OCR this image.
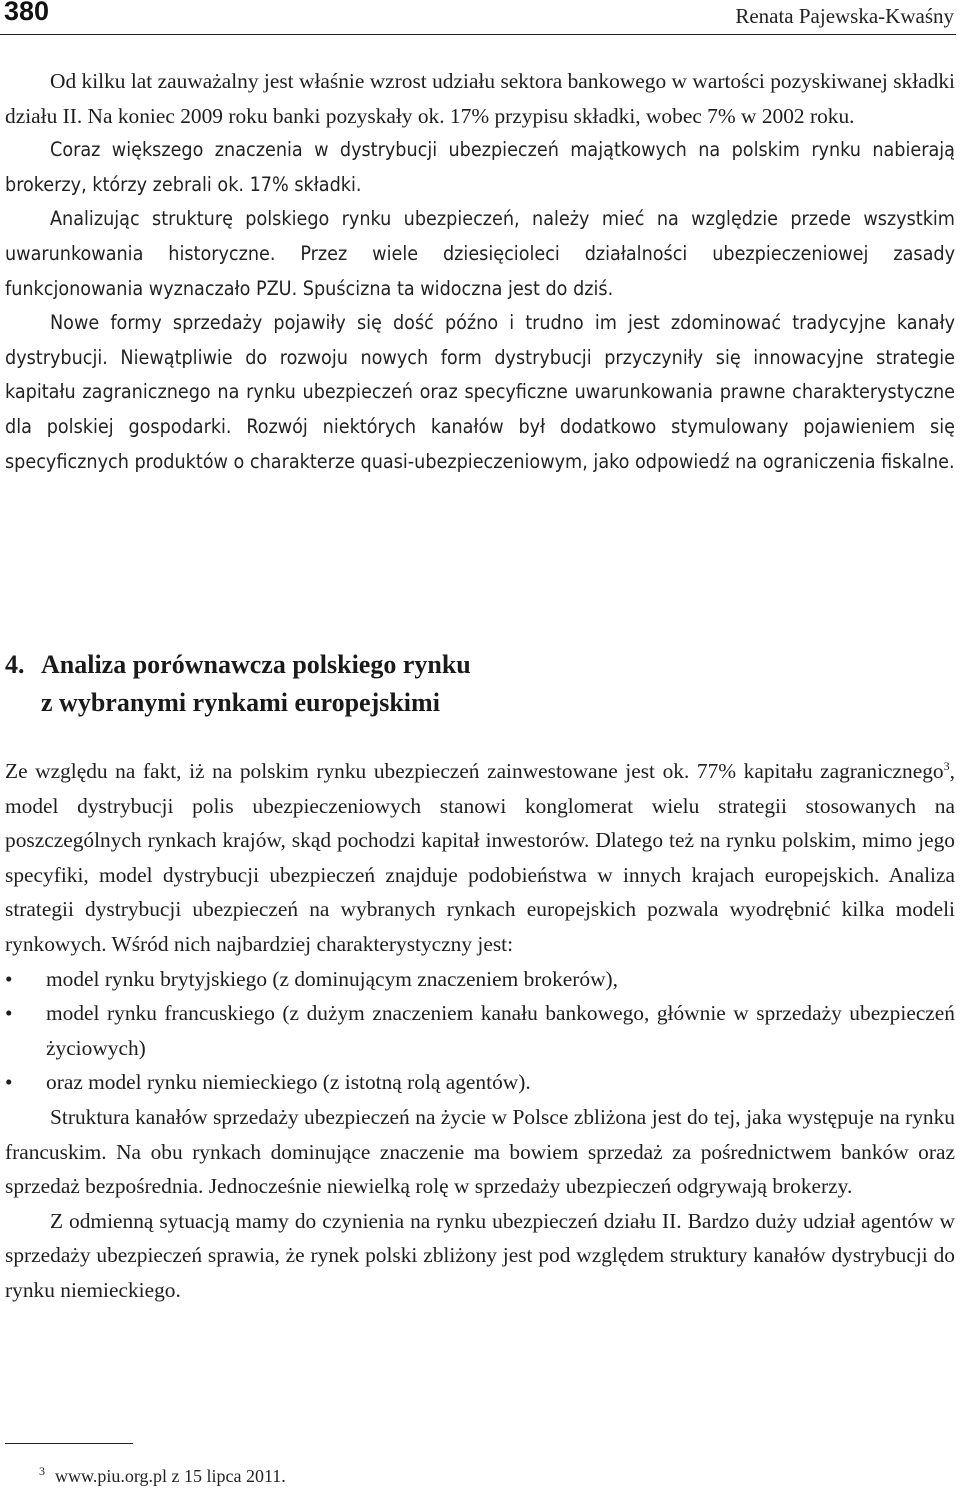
380	Renata Pajewska-Kwaśny

Od kilku lat zauważalny jest właśnie wzrost udziału sektora bankowego w wartości pozyskiwanej składki działu II. Na koniec 2009 roku banki pozyskały ok. 17% przypisu składki, wobec 7% w 2002 roku.

Coraz większego znaczenia w dystrybucji ubezpieczeń majątkowych na polskim rynku nabierają brokerzy, którzy zebrali ok. 17% składki.

Analizując strukturę polskiego rynku ubezpieczeń, należy mieć na względzie przede wszystkim uwarunkowania historyczne. Przez wiele dziesięcioleci działalności ubezpieczeniowej zasady funkcjonowania wyznaczało PZU. Spuścizna ta widoczna jest do dziś.

Nowe formy sprzedaży pojawiły się dość późno i trudno im jest zdominować tradycyjne kanały dystrybucji. Niewątpliwie do rozwoju nowych form dystrybucji przyczyniły się innowacyjne strategie kapitału zagranicznego na rynku ubezpieczeń oraz specyficzne uwarunkowania prawne charakterystyczne dla polskiej gospodarki. Rozwój niektórych kanałów był dodatkowo stymulowany pojawieniem się specyficznych produktów o charakterze quasi-ubezpieczeniowym, jako odpowiedź na ograniczenia fiskalne.

4. Analiza porównawcza polskiego rynku
z wybranymi rynkami europejskimi

Ze względu na fakt, iż na polskim rynku ubezpieczeń zainwestowane jest ok. 77% kapitału zagranicznego$^3$, model dystrybucji polis ubezpieczeniowych stanowi konglomerat wielu strategii stosowanych na poszczególnych rynkach krajów, skąd pochodzi kapitał inwestorów. Dlatego też na rynku polskim, mimo jego specyfiki, model dystrybucji ubezpieczeń znajduje podobieństwa w innych krajach europejskich. Analiza strategii dystrybucji ubezpieczeń na wybranych rynkach europejskich pozwala wyodrębnić kilka modeli rynkowych. Wśród nich najbardziej charakterystyczny jest:

• model rynku brytyjskiego (z dominującym znaczeniem brokerów),
• model rynku francuskiego (z dużym znaczeniem kanału bankowego, głównie w sprzedaży ubezpieczeń życiowych)
• oraz model rynku niemieckiego (z istotną rolą agentów).

Struktura kanałów sprzedaży ubezpieczeń na życie w Polsce zbliżona jest do tej, jaka występuje na rynku francuskim. Na obu rynkach dominujące znaczenie ma bowiem sprzedaż za pośrednictwem banków oraz sprzedaż bezpośrednia. Jednocześnie niewielką rolę w sprzedaży ubezpieczeń odgrywają brokerzy.

Z odmienną sytuacją mamy do czynienia na rynku ubezpieczeń działu II. Bardzo duży udział agentów w sprzedaży ubezpieczeń sprawia, że rynek polski zbliżony jest pod względem struktury kanałów dystrybucji do rynku niemieckiego.

$^3$ www.piu.org.pl z 15 lipca 2011.
